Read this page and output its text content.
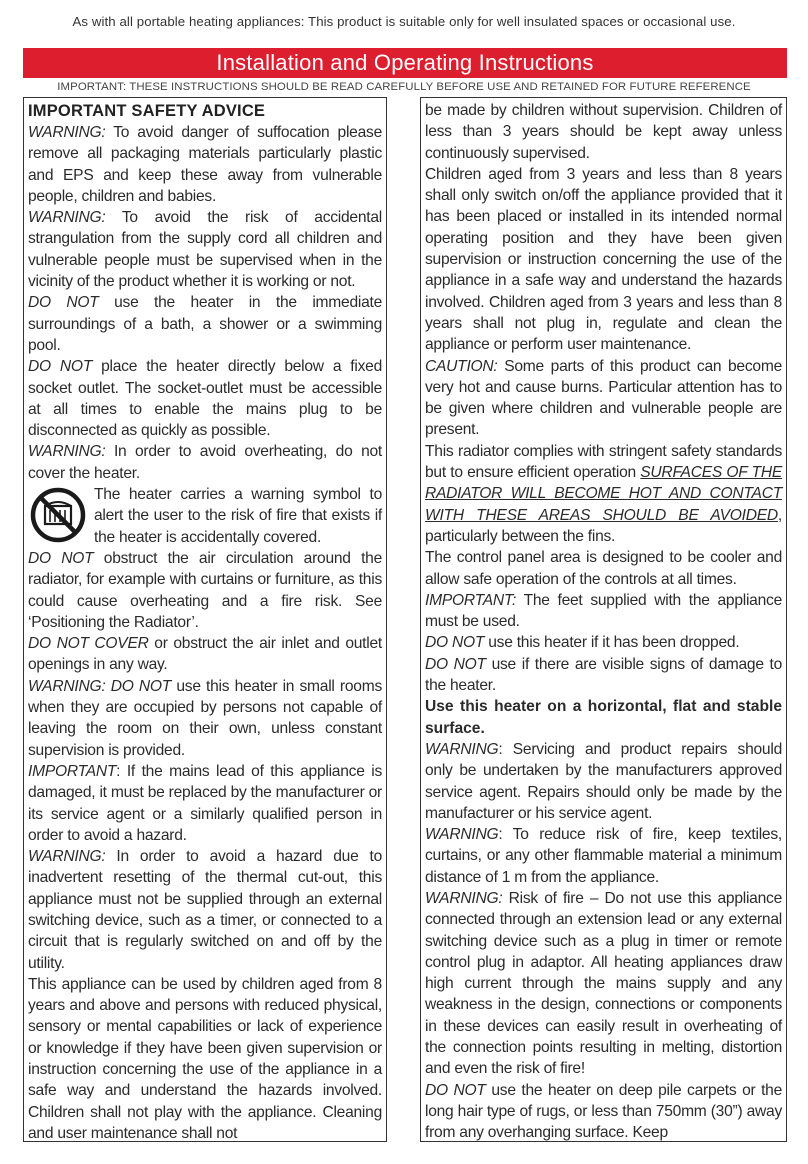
As with all portable heating appliances: This product is suitable only for well insulated spaces or occasional use.
Installation and Operating Instructions
IMPORTANT: THESE INSTRUCTIONS SHOULD BE READ CAREFULLY BEFORE USE AND RETAINED FOR FUTURE REFERENCE

IMPORTANT SAFETY ADVICE

WARNING: To avoid danger of suffocation please remove all packaging materials particularly plastic and EPS and keep these away from vulnerable people, children and babies.

WARNING: To avoid the risk of accidental strangulation from the supply cord all children and vulnerable people must be supervised when in the vicinity of the product whether it is working or not.

DO NOT use the heater in the immediate surroundings of a bath, a shower or a swimming pool.

DO NOT place the heater directly below a fixed socket outlet. The socket-outlet must be accessible at all times to enable the mains plug to be disconnected as quickly as possible.

WARNING: In order to avoid overheating, do not cover the heater.

The heater carries a warning symbol to alert the user to the risk of fire that exists if the heater is accidentally covered.

DO NOT obstruct the air circulation around the radiator, for example with curtains or furniture, as this could cause overheating and a fire risk. See ‘Positioning the Radiator’.

DO NOT COVER or obstruct the air inlet and outlet openings in any way.

WARNING: DO NOT use this heater in small rooms when they are occupied by persons not capable of leaving the room on their own, unless constant supervision is provided.

IMPORTANT: If the mains lead of this appliance is damaged, it must be replaced by the manufacturer or its service agent or a similarly qualified person in order to avoid a hazard.

WARNING: In order to avoid a hazard due to inadvertent resetting of the thermal cut-out, this appliance must not be supplied through an external switching device, such as a timer, or connected to a circuit that is regularly switched on and off by the utility.

This appliance can be used by children aged from 8 years and above and persons with reduced physical, sensory or mental capabilities or lack of experience or knowledge if they have been given supervision or instruction concerning the use of the appliance in a safe way and understand the hazards involved. Children shall not play with the appliance. Cleaning and user maintenance shall not

be made by children without supervision. Children of less than 3 years should be kept away unless continuously supervised.

Children aged from 3 years and less than 8 years shall only switch on/off the appliance provided that it has been placed or installed in its intended normal operating position and they have been given supervision or instruction concerning the use of the appliance in a safe way and understand the hazards involved. Children aged from 3 years and less than 8 years shall not plug in, regulate and clean the appliance or perform user maintenance.

CAUTION: Some parts of this product can become very hot and cause burns. Particular attention has to be given where children and vulnerable people are present.

This radiator complies with stringent safety standards but to ensure efficient operation SURFACES OF THE RADIATOR WILL BECOME HOT AND CONTACT WITH THESE AREAS SHOULD BE AVOIDED, particularly between the fins.

The control panel area is designed to be cooler and allow safe operation of the controls at all times.

IMPORTANT: The feet supplied with the appliance must be used.

DO NOT use this heater if it has been dropped.

DO NOT use if there are visible signs of damage to the heater.

Use this heater on a horizontal, flat and stable surface.

WARNING: Servicing and product repairs should only be undertaken by the manufacturers approved service agent. Repairs should only be made by the manufacturer or his service agent.

WARNING: To reduce risk of fire, keep textiles, curtains, or any other flammable material a minimum distance of 1 m from the appliance.

WARNING: Risk of fire – Do not use this appliance connected through an extension lead or any external switching device such as a plug in timer or remote control plug in adaptor. All heating appliances draw high current through the mains supply and any weakness in the design, connections or components in these devices can easily result in overheating of the connection points resulting in melting, distortion and even the risk of fire!

DO NOT use the heater on deep pile carpets or the long hair type of rugs, or less than 750mm (30”) away from any overhanging surface. Keep
